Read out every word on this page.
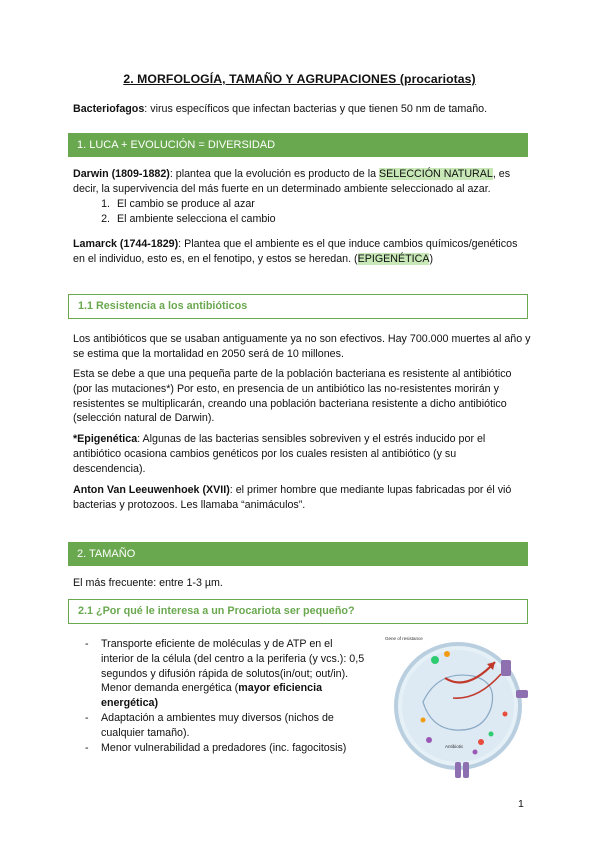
2. MORFOLOGÍA, TAMAÑO Y AGRUPACIONES (procariotas)
Bacteriofagos: virus específicos que infectan bacterias y que tienen 50 nm de tamaño.
1. LUCA + EVOLUCIÓN = DIVERSIDAD
Darwin (1809-1882): plantea que la evolución es producto de la SELECCIÓN NATURAL, es decir, la supervivencia del más fuerte en un determinado ambiente seleccionado al azar.
1. El cambio se produce al azar
2. El ambiente selecciona el cambio
Lamarck (1744-1829): Plantea que el ambiente es el que induce cambios químicos/genéticos en el individuo, esto es, en el fenotipo, y estos se heredan. (EPIGENÉTICA)
1.1 Resistencia a los antibióticos
Los antibióticos que se usaban antiguamente ya no son efectivos. Hay 700.000 muertes al año y se estima que la mortalidad en 2050 será de 10 millones.
Esta se debe a que una pequeña parte de la población bacteriana es resistente al antibiótico (por las mutaciones*) Por esto, en presencia de un antibiótico las no-resistentes morirán y resistentes se multiplicarán, creando una población bacteriana resistente a dicho antibiótico (selección natural de Darwin).
*Epigenética: Algunas de las bacterias sensibles sobreviven y el estrés inducido por el antibiótico ocasiona cambios genéticos por los cuales resisten al antibiótico (y su descendencia).
Anton Van Leeuwenhoek (XVII): el primer hombre que mediante lupas fabricadas por él vió bacterias y protozoos. Les llamaba “animáculos”.
2. TAMAÑO
El más frecuente: entre 1-3 µm.
2.1 ¿Por qué le interesa a un Procariota ser pequeño?
- Transporte eficiente de moléculas y de ATP en el interior de la célula (del centro a la periferia (y vcs.): 0,5 segundos y difusión rápida de solutos(in/out; out/in). Menor demanda energética (mayor eficiencia energética)
- Adaptación a ambientes muy diversos (nichos de cualquier tamaño).
- Menor vulnerabilidad a predadores (inc. fagocitosis)
Gene of resistance
Antibiotic
1
